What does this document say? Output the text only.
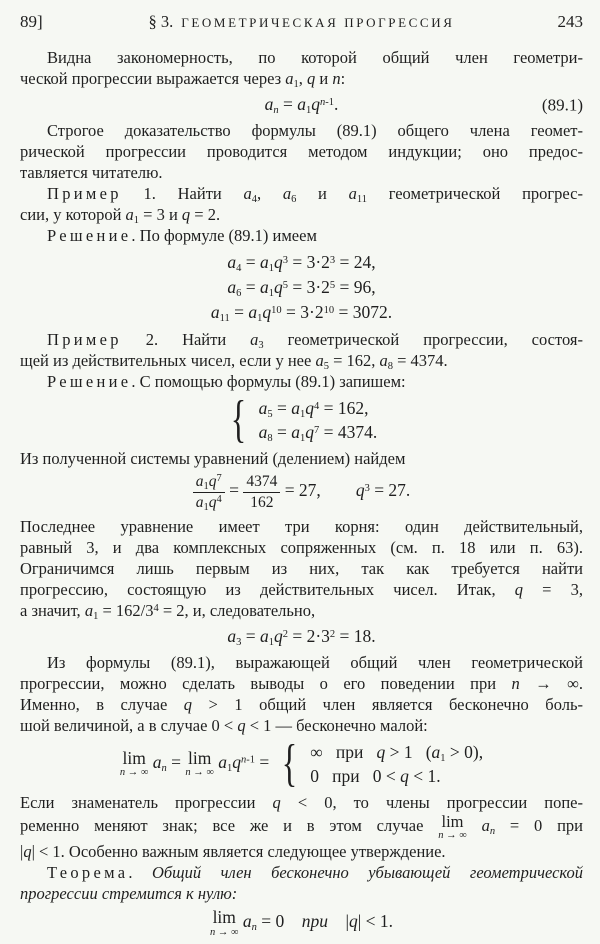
89]	§ 3. ГЕОМЕТРИЧЕСКАЯ ПРОГРЕССИЯ	243
Видна закономерность, по которой общий член геометри-
ческой прогрессии выражается через $a_1$, q и n:
$a_n = a_1q^{n-1}$.	(89.1)
Строгое доказательство формулы (89.1) общего члена геомет-
рической прогрессии проводится методом индукции; оно предос-
тавляется читателю.
Пример 1. Найти $a_4$, $a_6$ и $a_{11}$ геометрической прогрес-
сии, у которой $a_1 = 3$ и q = 2.
Решение. По формуле (89.1) имеем
$a_4 = a_1q^3 = 3\cdot 2^3 = 24$,
$a_6 = a_1q^5 = 3\cdot 2^5 = 96$,
$a_{11} = a_1q^{10} = 3\cdot 2^{10} = 3072$.
Пример 2. Найти $a_3$ геометрической прогрессии, состоя-
щей из действительных чисел, если у нее $a_5 = 162$, $a_8 = 4374$.
Решение. С помощью формулы (89.1) запишем:
{ $a_5 = a_1q^4 = 162$,
$a_8 = a_1q^7 = 4374$.
Из полученной системы уравнений (делением) найдем
$\frac{a_1q^7}{a_1q^4} = \frac{4374}{162} = 27$,  $q^3 = 27$.
Последнее уравнение имеет три корня: один действительный,
равный 3, и два комплексных сопряженных (см. п. 18 или п. 63).
Ограничимся лишь первым из них, так как требуется найти
прогрессию, состоящую из действительных чисел. Итак, q = 3,
а значит, $a_1 = 162/3^4 = 2$, и, следовательно,
$a_3 = a_1q^2 = 2\cdot 3^2 = 18$.
Из формулы (89.1), выражающей общий член геометрической
прогрессии, можно сделать выводы о его поведении при n → ∞.
Именно, в случае q > 1 общий член является бесконечно боль-
шой величиной, а в случае 0 < q < 1 — бесконечно малой:
lim
n → ∞
$a_n = \lim$
n → ∞
$a_1q^{n-1}$ = { ∞  при  q > 1  $(a_1 > 0)$,
0  при  0 < q < 1.
Если знаменатель прогрессии q < 0, то члены прогрессии попе-
ременно меняют знак; все же и в этом случае lim
n → ∞
$a_n = 0$ при
|q| < 1. Особенно важным является следующее утверждение.
Теорема. Общий член бесконечно убывающей геометрической
прогрессии стремится к нулю:
lim
n → ∞
$a_n = 0$ при |q| < 1.
